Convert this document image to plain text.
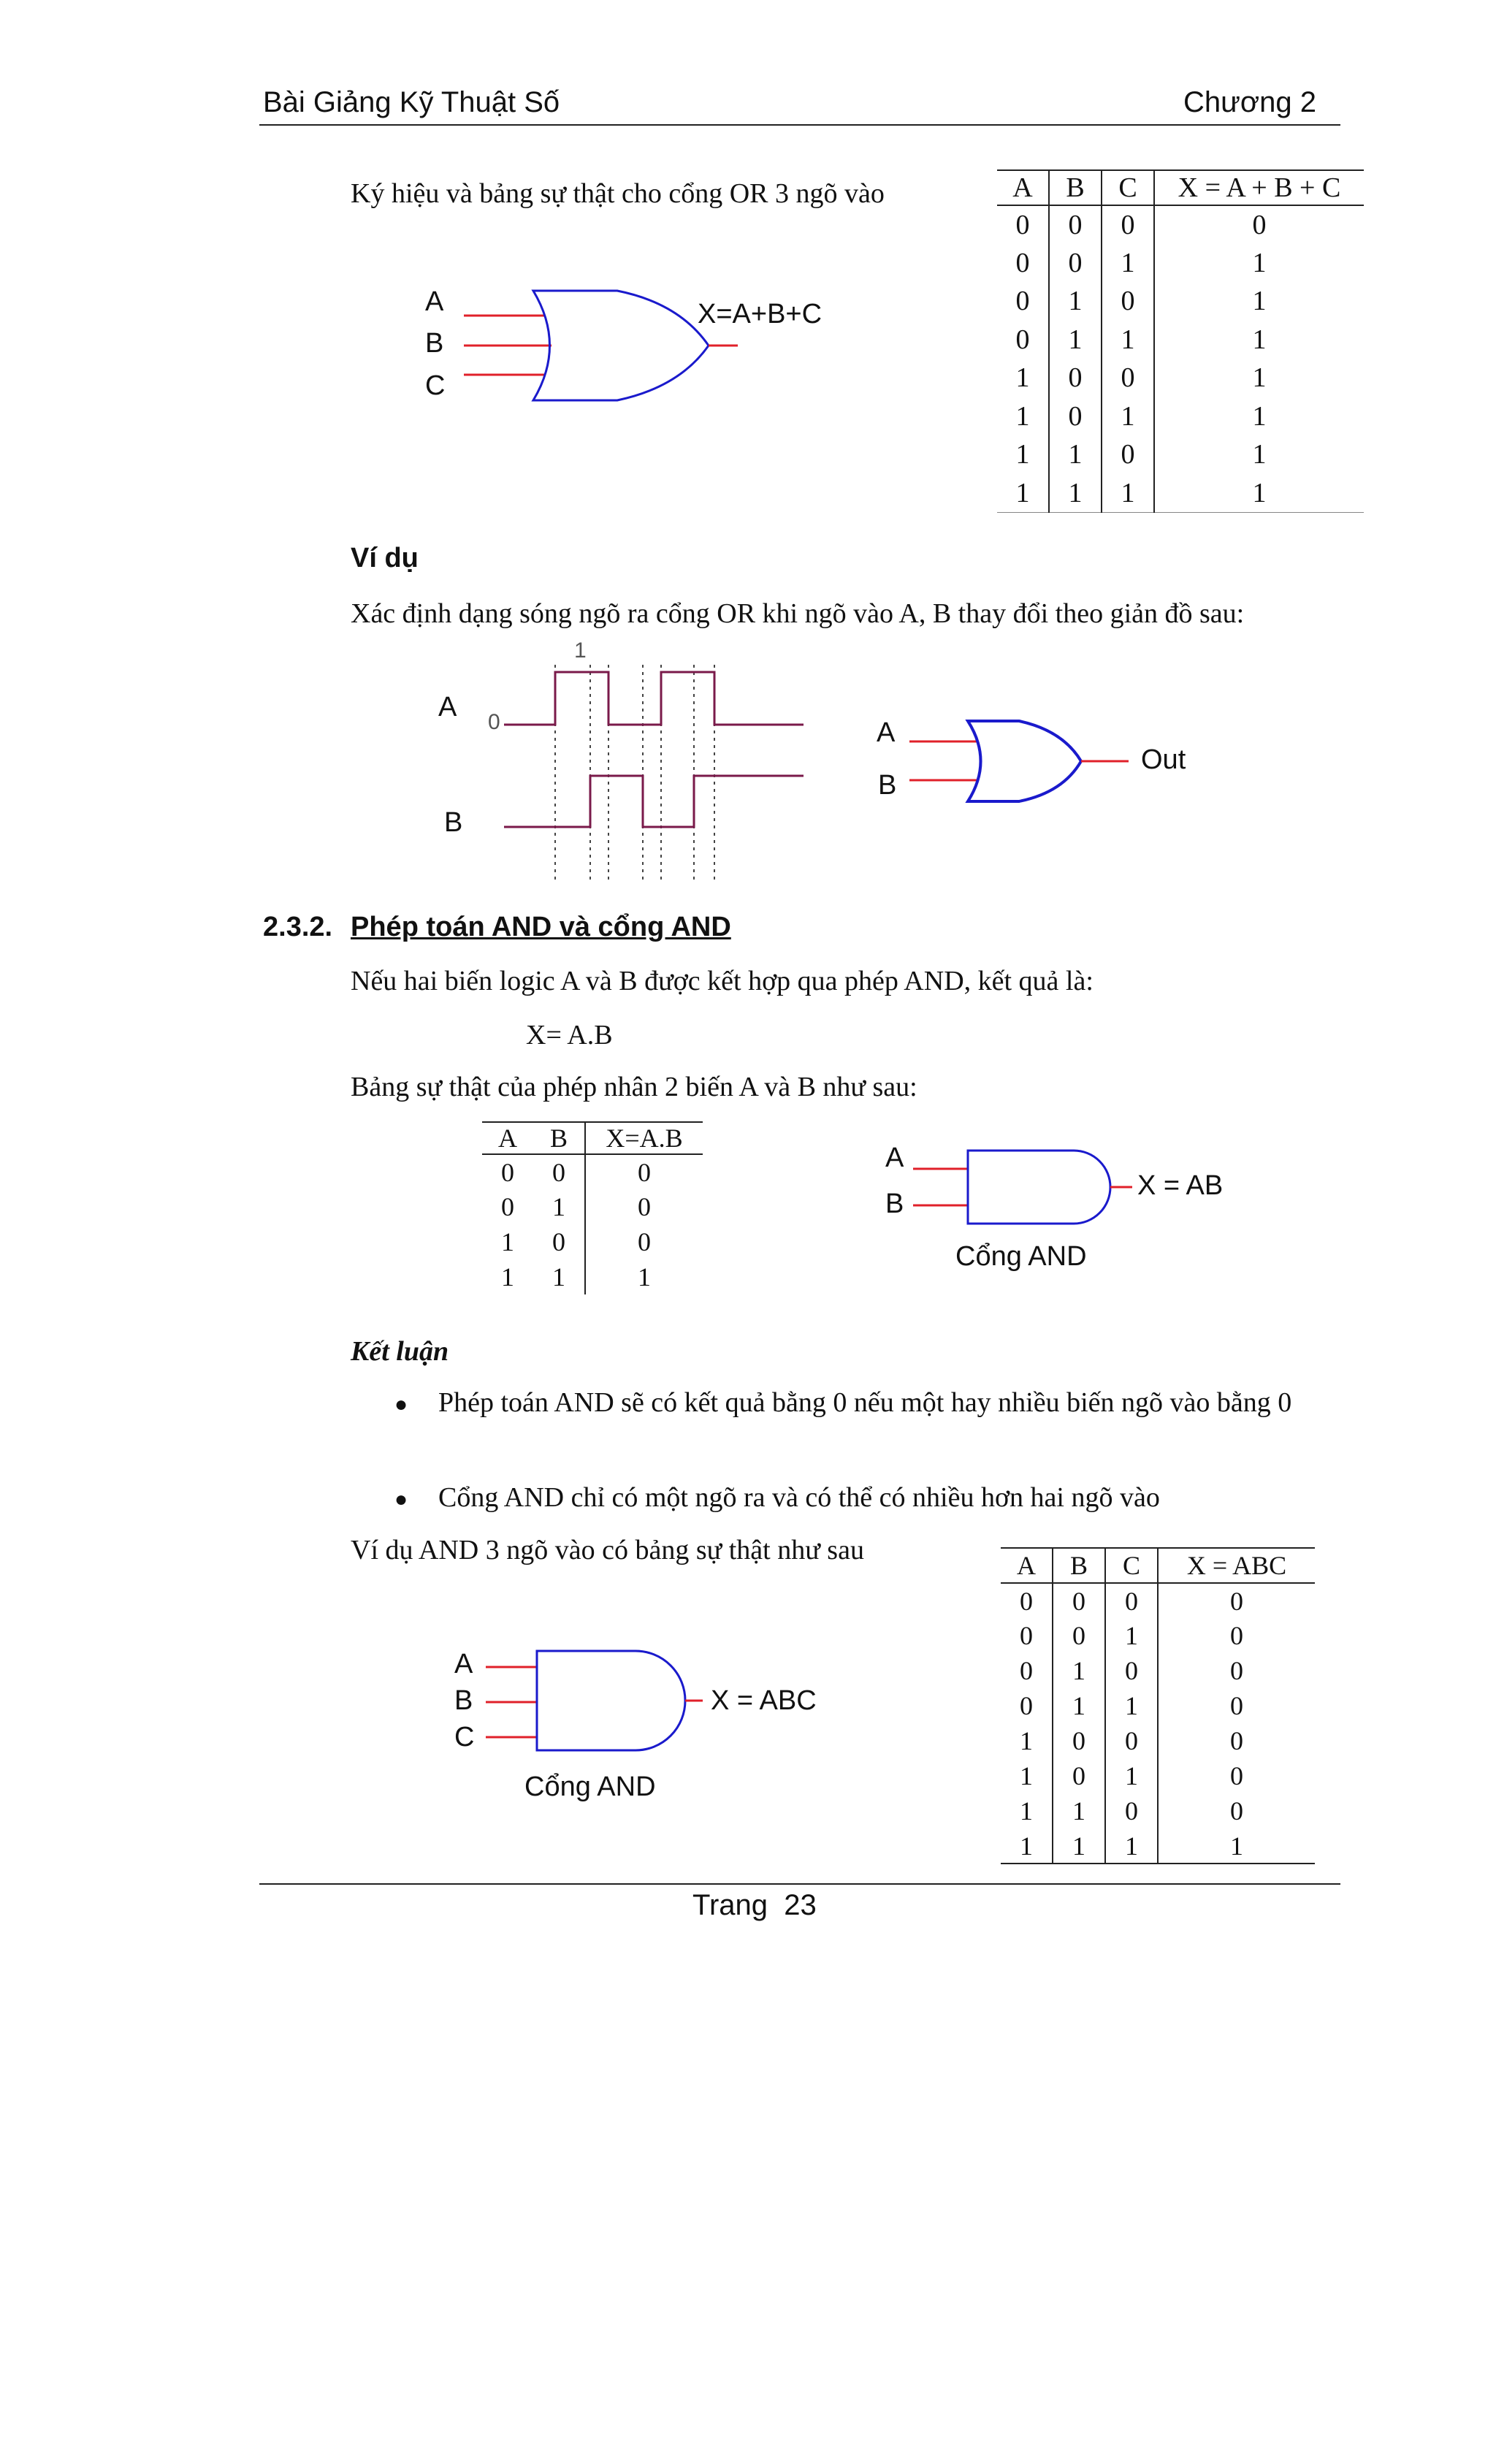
Bài Giảng Kỹ Thuật Số	Chương 2
Ký hiệu và bảng sự thật cho cổng OR 3 ngõ vào
A
B
C
X=A+B+C
A	B	C	X = A + B + C
0	0	0	0
0	0	1	1
0	1	0	1
0	1	1	1
1	0	0	1
1	0	1	1
1	1	0	1
1	1	1	1
Ví dụ
Xác định dạng sóng ngõ ra cổng OR khi ngõ vào A, B thay đổi theo giản đồ sau:
A
B
1
0	A
B
Out
2.3.2. Phép toán AND và cổng AND
Nếu hai biến logic A và B được kết hợp qua phép AND, kết quả là:
X= A.B
Bảng sự thật của phép nhân 2 biến A và B như sau:
A	B	X=A.B
0	0	0
0	1	0
1	0	0
1	1	1
A
B
X = AB
Cổng AND
Kết luận
● Phép toán AND sẽ có kết quả bằng 0 nếu một hay nhiều biến ngõ vào bằng 0
● Cổng AND chỉ có một ngõ ra và có thể có nhiều hơn hai ngõ vào
Ví dụ AND 3 ngõ vào có bảng sự thật như sau
A
B
C
X = ABC
Cổng AND
A	B	C	X = ABC
0	0	0	0
0	0	1	0
0	1	0	0
0	1	1	0
1	0	0	0
1	0	1	0
1	1	0	0
1	1	1	1
Trang  23
